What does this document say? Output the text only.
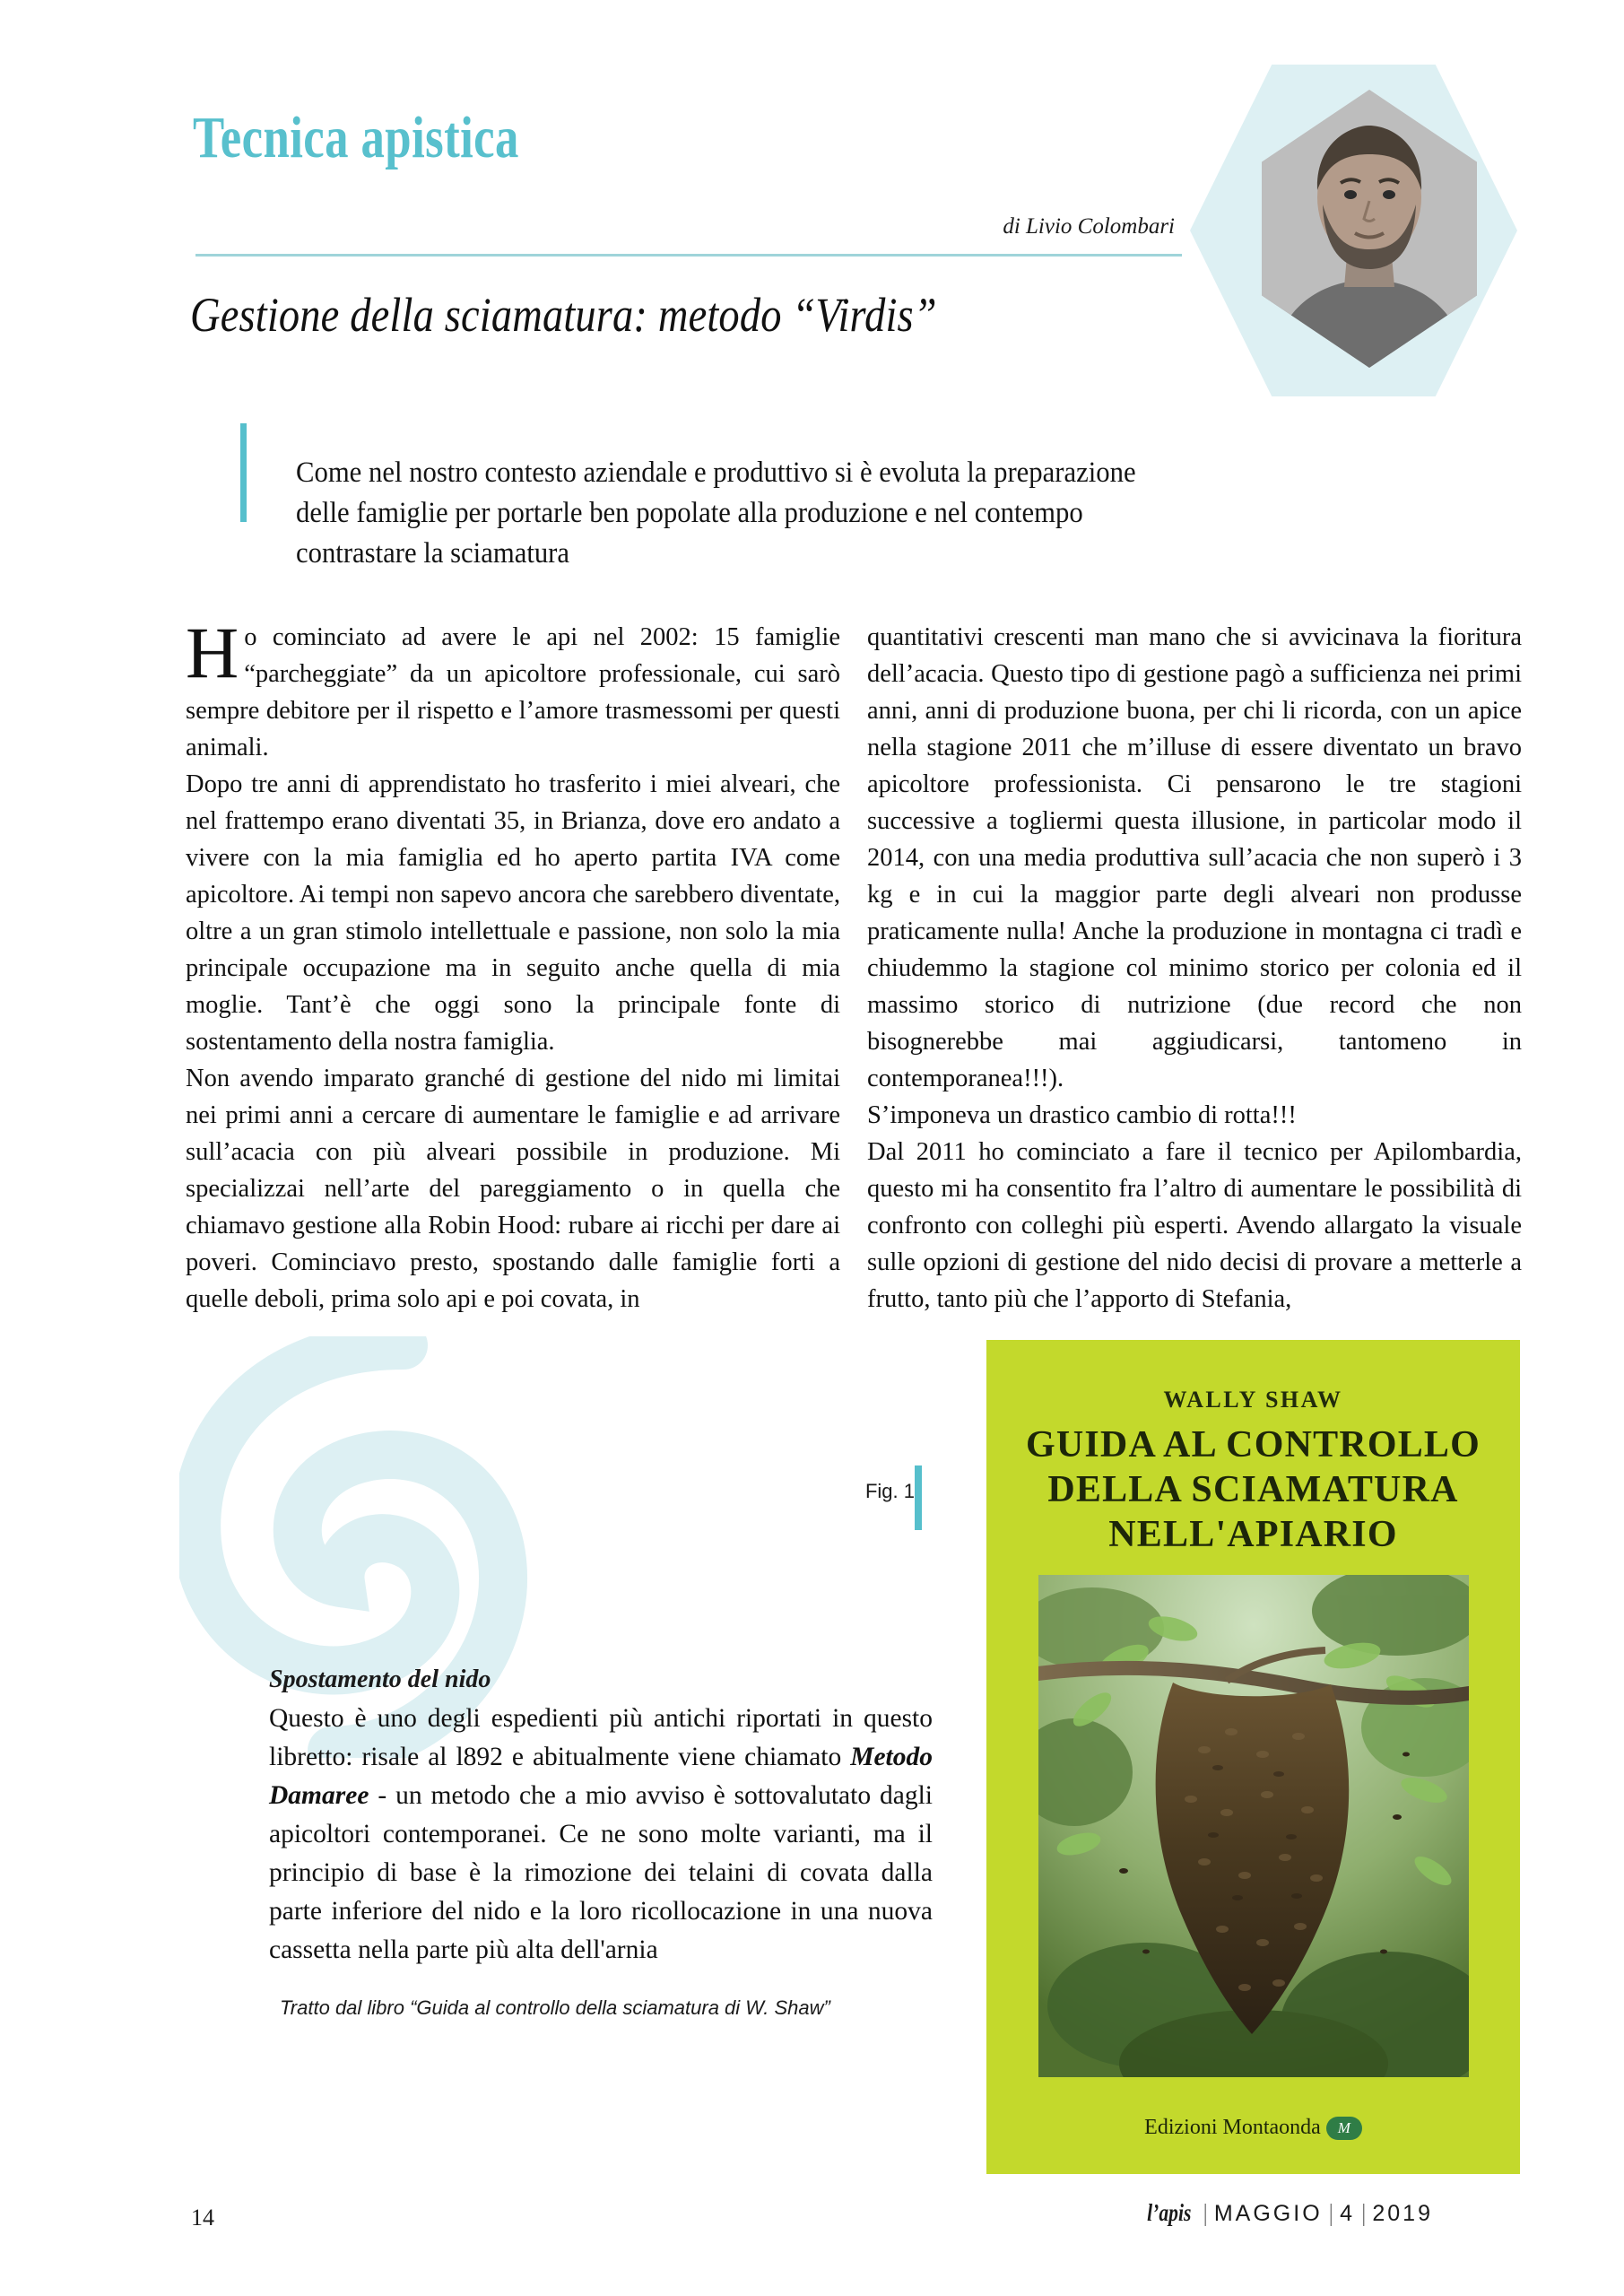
Tecnica apistica
di Livio Colombari
Gestione della sciamatura: metodo “Virdis”
Come nel nostro contesto aziendale e produttivo si è evoluta la preparazione delle famiglie per portarle ben popolate alla produzione e nel contempo contrastare la sciamatura

Ho cominciato ad avere le api nel 2002: 15 famiglie “parcheggiate” da un apicoltore professionale, cui sarò sempre debitore per il rispetto e l’amore trasmessomi per questi animali.

Dopo tre anni di apprendistato ho trasferito i miei alveari, che nel frattempo erano diventati 35, in Brianza, dove ero andato a vivere con la mia famiglia ed ho aperto partita IVA come apicoltore. Ai tempi non sapevo ancora che sarebbero diventate, oltre a un gran stimolo intellettuale e passione, non solo la mia principale occupazione ma in seguito anche quella di mia moglie. Tant’è che oggi sono la principale fonte di sostentamento della nostra famiglia.

Non avendo imparato granché di gestione del nido mi limitai nei primi anni a cercare di aumentare le famiglie e ad arrivare sull’acacia con più alveari possibile in produzione. Mi specializzai nell’arte del pareggiamento o in quella che chiamavo gestione alla Robin Hood: rubare ai ricchi per dare ai poveri. Cominciavo presto, spostando dalle famiglie forti a quelle deboli, prima solo api e poi covata, in

quantitativi crescenti man mano che si avvicinava la fioritura dell’acacia. Questo tipo di gestione pagò a sufficienza nei primi anni, anni di produzione buona, per chi li ricorda, con un apice nella stagione 2011 che m’illuse di essere diventato un bravo apicoltore professionista. Ci pensarono le tre stagioni successive a togliermi questa illusione, in particolar modo il 2014, con una media produttiva sull’acacia che non superò i 3 kg e in cui la maggior parte degli alveari non produsse praticamente nulla! Anche la produzione in montagna ci tradì e chiudemmo la stagione col minimo storico per colonia ed il massimo storico di nutrizione (due record che non bisognerebbe mai aggiudicarsi, tantomeno in contemporanea!!!).

S’imponeva un drastico cambio di rotta!!!

Dal 2011 ho cominciato a fare il tecnico per Apilombardia, questo mi ha consentito fra l’altro di aumentare le possibilità di confronto con colleghi più esperti. Avendo allargato la visuale sulle opzioni di gestione del nido decisi di provare a metterle a frutto, tanto più che l’apporto di Stefania,

Fig. 1
Spostamento del nido
Questo è uno degli espedienti più antichi riportati in questo libretto: risale al l892 e abitualmente viene chiamato Metodo Damaree - un metodo che a mio avviso è sottovalutato dagli apicoltori contemporanei. Ce ne sono molte varianti, ma il principio di base è la rimozione dei telaini di covata dalla parte inferiore del nido e la loro ricollocazione in una nuova cassetta nella parte più alta dell'arnia
Tratto dal libro “Guida al controllo della sciamatura di W. Shaw”
WALLY SHAW
GUIDA AL CONTROLLO
DELLA SCIAMATURA
NELL'APIARIO
Edizioni Montaonda M
14	l’apis | MAGGIO | 4 | 2019
